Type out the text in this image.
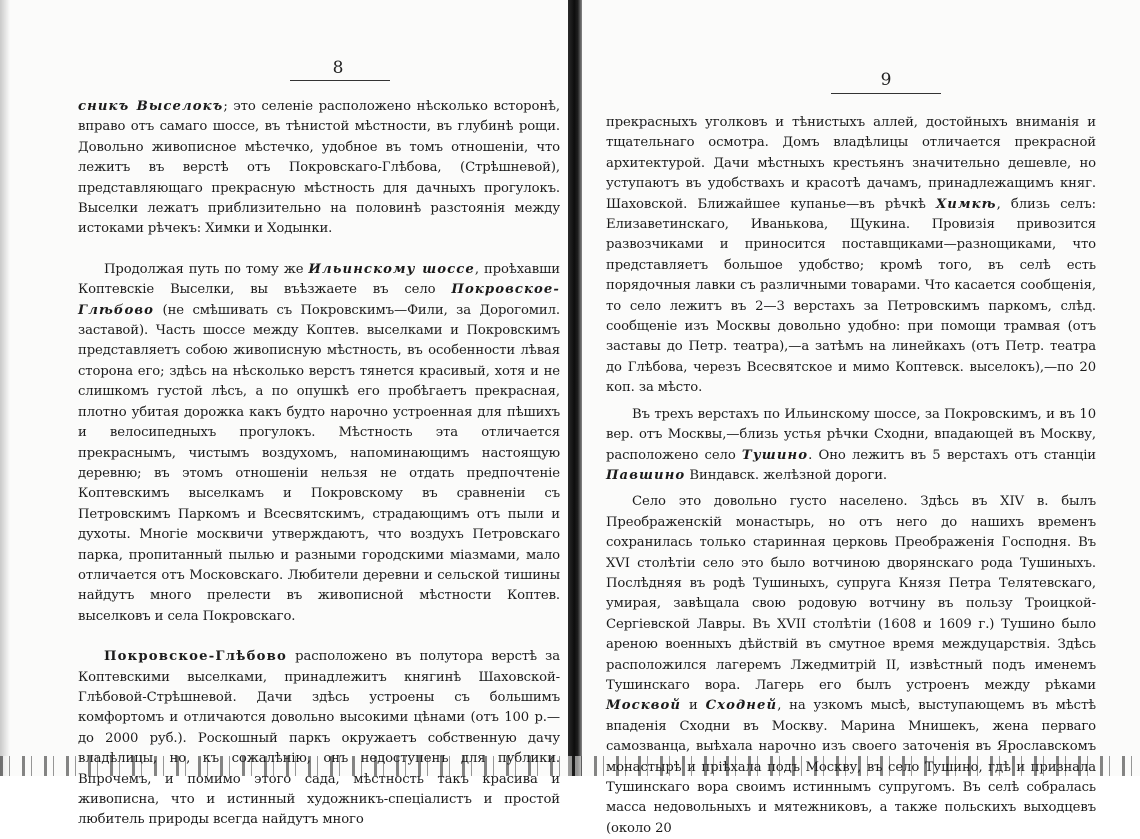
8

сникъ Выселокъ; это селеніе расположено нѣсколько всторонѣ, вправо отъ самаго шоссе, въ тѣнистой мѣстности, въ глубинѣ рощи. Довольно живописное мѣстечко, удобное въ томъ отношеніи, что лежитъ въ верстѣ отъ Покровскаго-Глѣбова, (Стрѣшневой), представляющаго прекрасную мѣстность для дачныхъ прогулокъ. Выселки лежатъ приблизительно на половинѣ разстоянія между истоками рѣчекъ: Химки и Ходынки.

Продолжая путь по тому же Ильинскому шоссе, проѣхавши Коптевскіе Выселки, вы въѣзжаете въ село Покровское-Глѣбово (не смѣшивать съ Покровскимъ—Фили, за Дорогомил. заставой). Часть шоссе между Коптев. выселками и Покровскимъ представляетъ собою живописную мѣстность, въ особенности лѣвая сторона его; здѣсь на нѣсколько верстъ тянется красивый, хотя и не слишкомъ густой лѣсъ, а по опушкѣ его пробѣгаетъ прекрасная, плотно убитая дорожка какъ будто нарочно устроенная для пѣшихъ и велосипедныхъ прогулокъ. Мѣстность эта отличается прекраснымъ, чистымъ воздухомъ, напоминающимъ настоящую деревню; въ этомъ отношеніи нельзя не отдать предпочтеніе Коптевскимъ выселкамъ и Покровскому въ сравненіи съ Петровскимъ Паркомъ и Всесвятскимъ, страдающимъ отъ пыли и духоты. Многіе москвичи утверждаютъ, что воздухъ Петровскаго парка, пропитанный пылью и разными городскими міазмами, мало отличается отъ Московскаго. Любители деревни и сельской тишины найдутъ много прелести въ живописной мѣстности Коптев. выселковъ и села Покровскаго.

Покровское-Глѣбово расположено въ полутора верстѣ за Коптевскими выселками, принадлежитъ княгинѣ Шаховской-Глѣбовой-Стрѣшневой. Дачи здѣсь устроены съ большимъ комфортомъ и отличаются довольно высокими цѣнами (отъ 100 р.—до 2000 руб.). Роскошный паркъ окружаетъ собственную дачу владѣлицы, но, къ сожалѣнію, онъ недоступенъ для публики. Впрочемъ, и помимо этого сада, мѣстность такъ красива и живописна, что и истинный художникъ-спеціалистъ и простой любитель природы всегда найдутъ много

9

прекрасныхъ уголковъ и тѣнистыхъ аллей, достойныхъ вниманія и тщательнаго осмотра. Домъ владѣлицы отличается прекрасной архитектурой. Дачи мѣстныхъ крестьянъ значительно дешевле, но уступаютъ въ удобствахъ и красотѣ дачамъ, принадлежащимъ княг. Шаховской. Ближайшее купанье—въ рѣчкѣ Химкѣ, близь селъ: Елизаветинскаго, Иванькова, Щукина. Провизія привозится развозчиками и приносится поставщиками—разнощиками, что представляетъ большое удобство; кромѣ того, въ селѣ есть порядочныя лавки съ различными товарами. Что касается сообщенія, то село лежитъ въ 2—3 верстахъ за Петровскимъ паркомъ, слѣд. сообщеніе изъ Москвы довольно удобно: при помощи трамвая (отъ заставы до Петр. театра),—а затѣмъ на линейкахъ (отъ Петр. театра до Глѣбова, черезъ Всесвятское и мимо Коптевск. выселокъ),—по 20 коп. за мѣсто.

Въ трехъ верстахъ по Ильинскому шоссе, за Покровскимъ, и въ 10 вер. отъ Москвы,—близь устья рѣчки Сходни, впадающей въ Москву, расположено село Тушино. Оно лежитъ въ 5 верстахъ отъ станціи Павшино Виндавск. желѣзной дороги.

Село это довольно густо населено. Здѣсь въ XIV в. былъ Преображенскій монастырь, но отъ него до нашихъ временъ сохранилась только старинная церковь Преображенія Господня. Въ XVI столѣтіи село это было вотчиною дворянскаго рода Тушиныхъ. Послѣдняя въ родѣ Тушиныхъ, супруга Князя Петра Телятевскаго, умирая, завѣщала свою родовую вотчину въ пользу Троицкой-Сергіевской Лавры. Въ XVII столѣтіи (1608 и 1609 г.) Тушино было ареною военныхъ дѣйствій въ смутное время междуцарствія. Здѣсь расположился лагеремъ Лжедмитрій II, извѣстный подъ именемъ Тушинскаго вора. Лагерь его былъ устроенъ между рѣками Москвой и Сходней, на узкомъ мысѣ, выступающемъ въ мѣстѣ впаденія Сходни въ Москву. Марина Мнишекъ, жена перваго самозванца, выѣхала нарочно изъ своего заточенія въ Ярославскомъ монастырѣ и пріѣхала подъ Москву, въ село Тушино, гдѣ и признала Тушинскаго вора своимъ истиннымъ супругомъ. Въ селѣ собралась масса недовольныхъ и мятежниковъ, а также польскихъ выходцевъ (около 20
